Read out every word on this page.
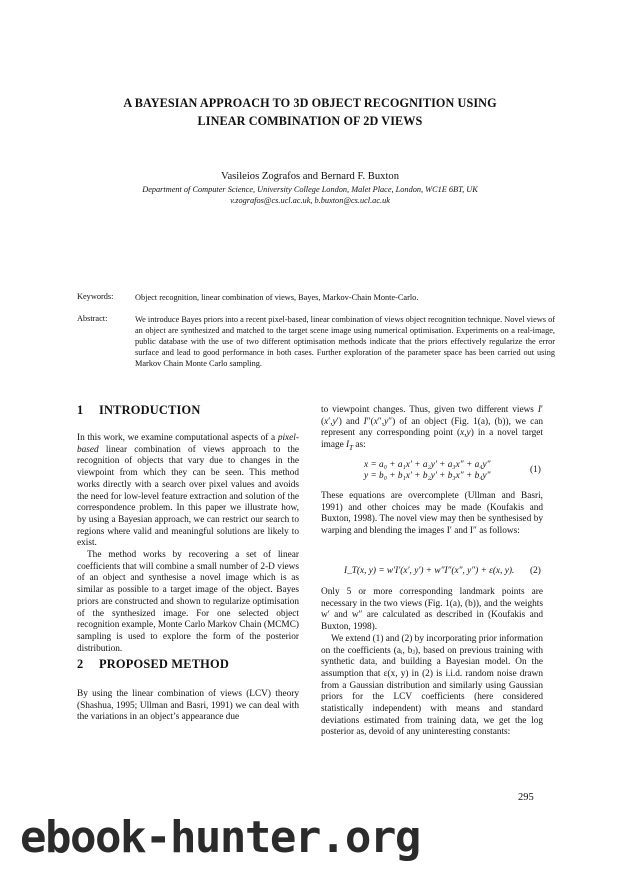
A BAYESIAN APPROACH TO 3D OBJECT RECOGNITION USING
LINEAR COMBINATION OF 2D VIEWS
Vasileios Zografos and Bernard F. Buxton
Department of Computer Science, University College London, Malet Place, London, WC1E 6BT, UK
v.zografos@cs.ucl.ac.uk, b.buxton@cs.ucl.ac.uk
Keywords:	Object recognition, linear combination of views, Bayes, Markov-Chain Monte-Carlo.
Abstract:	We introduce Bayes priors into a recent pixel-based, linear combination of views object recognition technique. Novel views of an object are synthesized and matched to the target scene image using numerical optimisation. Experiments on a real-image, public database with the use of two different optimisation methods indicate that the priors effectively regularize the error surface and lead to good performance in both cases. Further exploration of the parameter space has been carried out using Markov Chain Monte Carlo sampling.
1 INTRODUCTION

In this work, we examine computational aspects of a pixel-based linear combination of views approach to the recognition of objects that vary due to changes in the viewpoint from which they can be seen. This method works directly with a search over pixel values and avoids the need for low-level feature extraction and solution of the correspondence problem. In this paper we illustrate how, by using a Bayesian approach, we can restrict our search to regions where valid and meaningful solutions are likely to exist.

The method works by recovering a set of linear coefficients that will combine a small number of 2-D views of an object and synthesise a novel image which is as similar as possible to a target image of the object. Bayes priors are constructed and shown to regularize optimisation of the synthesized image. For one selected object recognition example, Monte Carlo Markov Chain (MCMC) sampling is used to explore the form of the posterior distribution.

2 PROPOSED METHOD

By using the linear combination of views (LCV) theory (Shashua, 1995; Ullman and Basri, 1991) we can deal with the variations in an object’s appearance due

to viewpoint changes. Thus, given two different views I′(x′,y′) and I″(x″,y″) of an object (Fig. 1(a), (b)), we can represent any corresponding point (x,y) in a novel target image $I_T$ as:

x = a₀ + a₁x′ + a₂y′ + a₃x″ + a₄y″
y = b₀ + b₁x′ + b₂y′ + b₃x″ + b₄y″
(1)

These equations are overcomplete (Ullman and Basri, 1991) and other choices may be made (Koufakis and Buxton, 1998). The novel view may then be synthesised by warping and blending the images I′ and I″ as follows:

I_T(x, y) = w′I′(x′, y′) + w″I″(x″, y″) + ε(x, y). (2)

Only 5 or more corresponding landmark points are necessary in the two views (Fig. 1(a), (b)), and the weights w′ and w″ are calculated as described in (Koufakis and Buxton, 1998).

We extend (1) and (2) by incorporating prior information on the coefficients (aᵢ, bⱼ), based on previous training with synthetic data, and building a Bayesian model. On the assumption that ε(x, y) in (2) is i.i.d. random noise drawn from a Gaussian distribution and similarly using Gaussian priors for the LCV coefficients (here considered statistically independent) with means and standard deviations estimated from training data, we get the log posterior as, devoid of any uninteresting constants:

295
ebook-hunter.org
